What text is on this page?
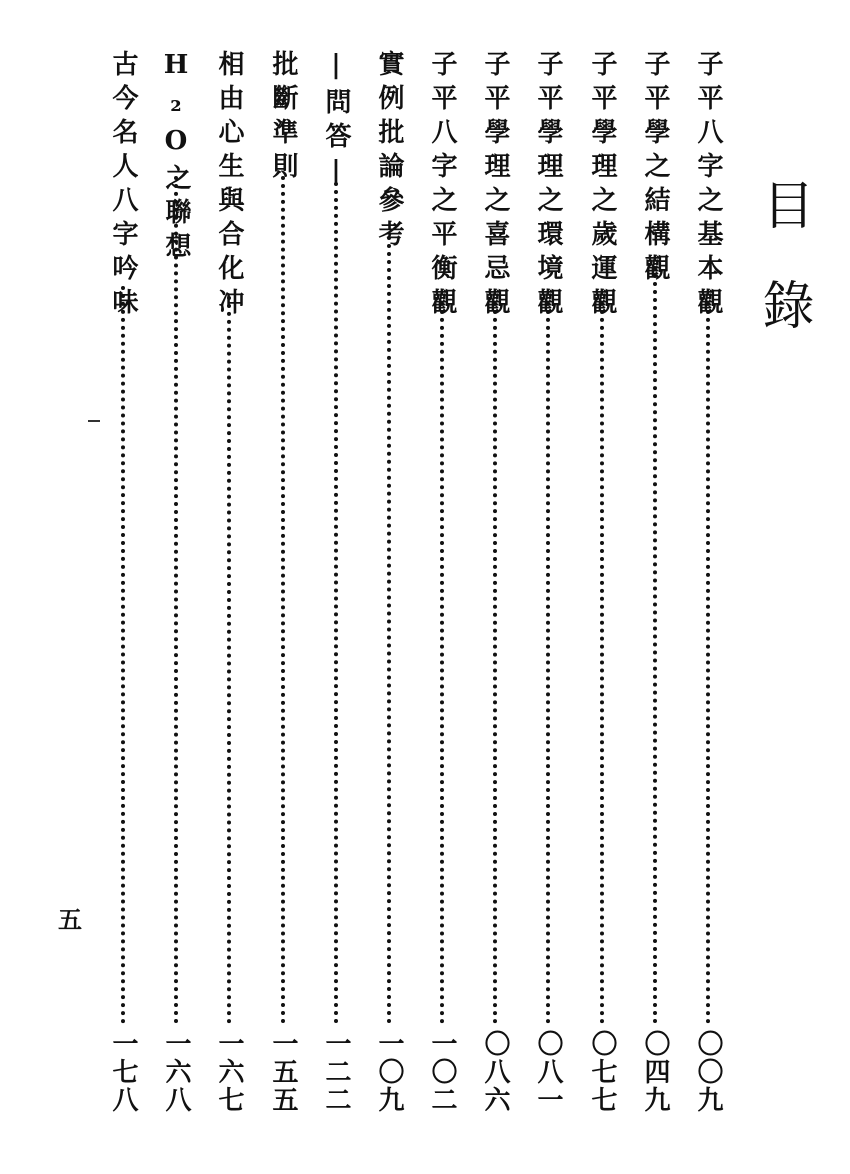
目錄
子平八字之基本觀
〇〇九
子平學之結構觀
〇四九
子平學理之歲運觀
〇七七
子平學理之環境觀
〇八一
子平學理之喜忌觀
〇八六
子平八字之平衡觀
一〇二
實例批論參考
一〇九
|問答|
一二二
批斷準則
一五五
相由心生與合化冲
一六七
H₂O之聯想
一六八
古今名人八字吟味
一七八
五
